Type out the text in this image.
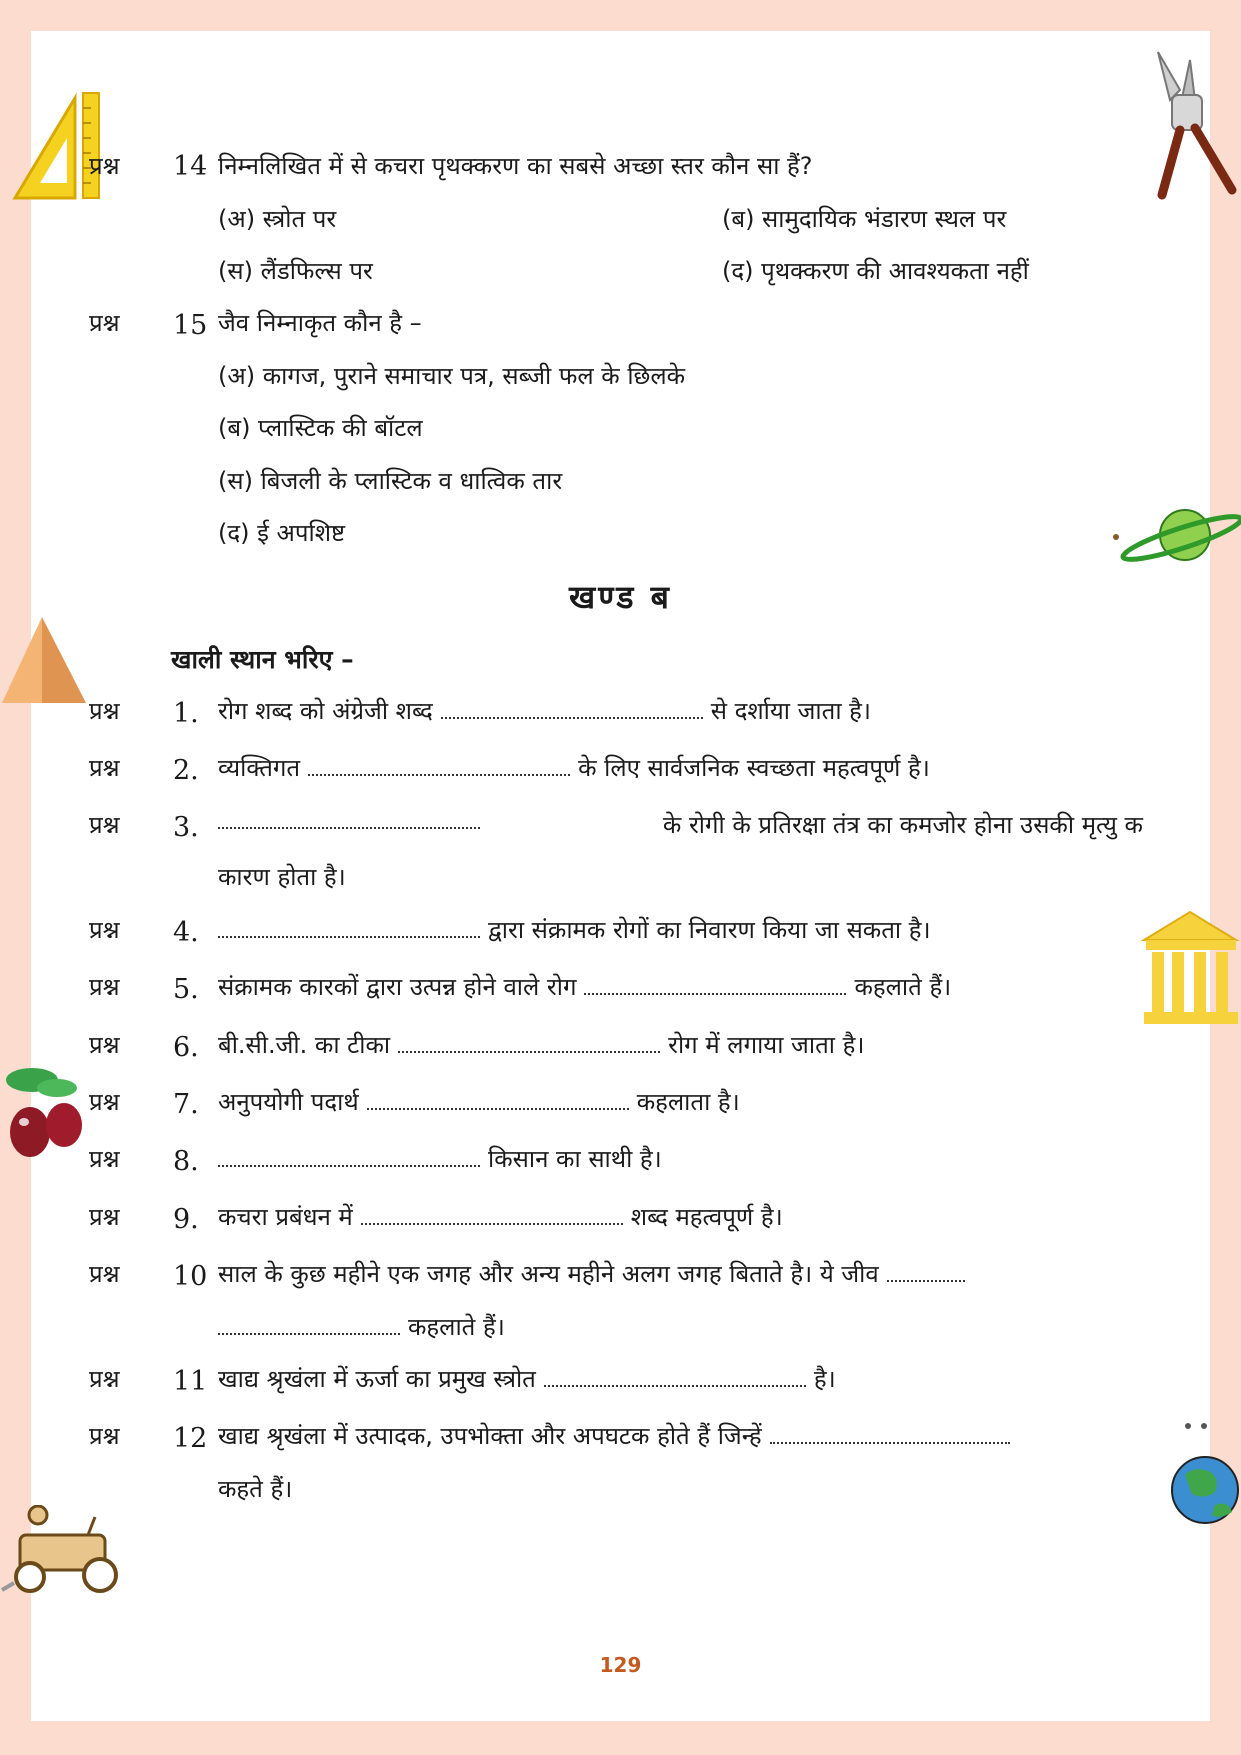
प्रश्न 14 निम्नलिखित में से कचरा पृथक्करण का सबसे अच्छा स्तर कौन सा हैं?
(अ) स्त्रोत पर	(ब) सामुदायिक भंडारण स्थल पर
(स) लैंडफिल्स पर	(द) पृथक्करण की आवश्यकता नहीं
प्रश्न 15 जैव निम्नाकृत कौन है –
(अ) कागज, पुराने समाचार पत्र, सब्जी फल के छिलके
(ब) प्लास्टिक की बॉटल
(स) बिजली के प्लास्टिक व धात्विक तार
(द) ई अपशिष्ट
खण्ड ब
खाली स्थान भरिए –
प्रश्न 1. रोग शब्द को अंग्रेजी शब्द	से दर्शाया जाता है।
प्रश्न 2. व्यक्तिगत	के लिए सार्वजनिक स्वच्छता महत्वपूर्ण है।
प्रश्न 3.	के रोगी के प्रतिरक्षा तंत्र का कमजोर होना उसकी मृत्यु क
कारण होता है।
प्रश्न 4.	द्वारा संक्रामक रोगों का निवारण किया जा सकता है।
प्रश्न 5. संक्रामक कारकों द्वारा उत्पन्न होने वाले रोग	कहलाते हैं।
प्रश्न 6. बी.सी.जी. का टीका	रोग में लगाया जाता है।
प्रश्न 7. अनुपयोगी पदार्थ	कहलाता है।
प्रश्न 8.	किसान का साथी है।
प्रश्न 9. कचरा प्रबंधन में	शब्द महत्वपूर्ण है।
प्रश्न 10 साल के कुछ महीने एक जगह और अन्य महीने अलग जगह बिताते है। ये जीव
कहलाते हैं।
प्रश्न 11 खाद्य श्रृखंला में ऊर्जा का प्रमुख स्त्रोत	है।
प्रश्न 12 खाद्य श्रृखंला में उत्पादक, उपभोक्ता और अपघटक होते हैं जिन्हें
कहते हैं।
129
